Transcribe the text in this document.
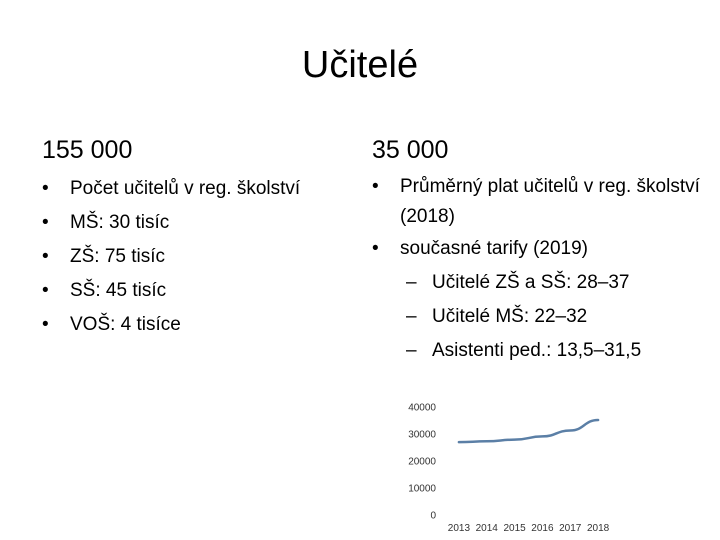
Učitelé
155 000	35 000
• Počet učitelů v reg. školství
• MŠ: 30 tisíc
• ZŠ: 75 tisíc
• SŠ: 45 tisíc
• VOŠ: 4 tisíce
• Průměrný plat učitelů v reg. školství (2018)
• současné tarify (2019)
– Učitelé ZŠ a SŠ: 28–37
– Učitelé MŠ: 22–32
– Asistenti ped.: 13,5–31,5
0
10000
20000
30000
40000
2013 2014 2015 2016 2017 2018
